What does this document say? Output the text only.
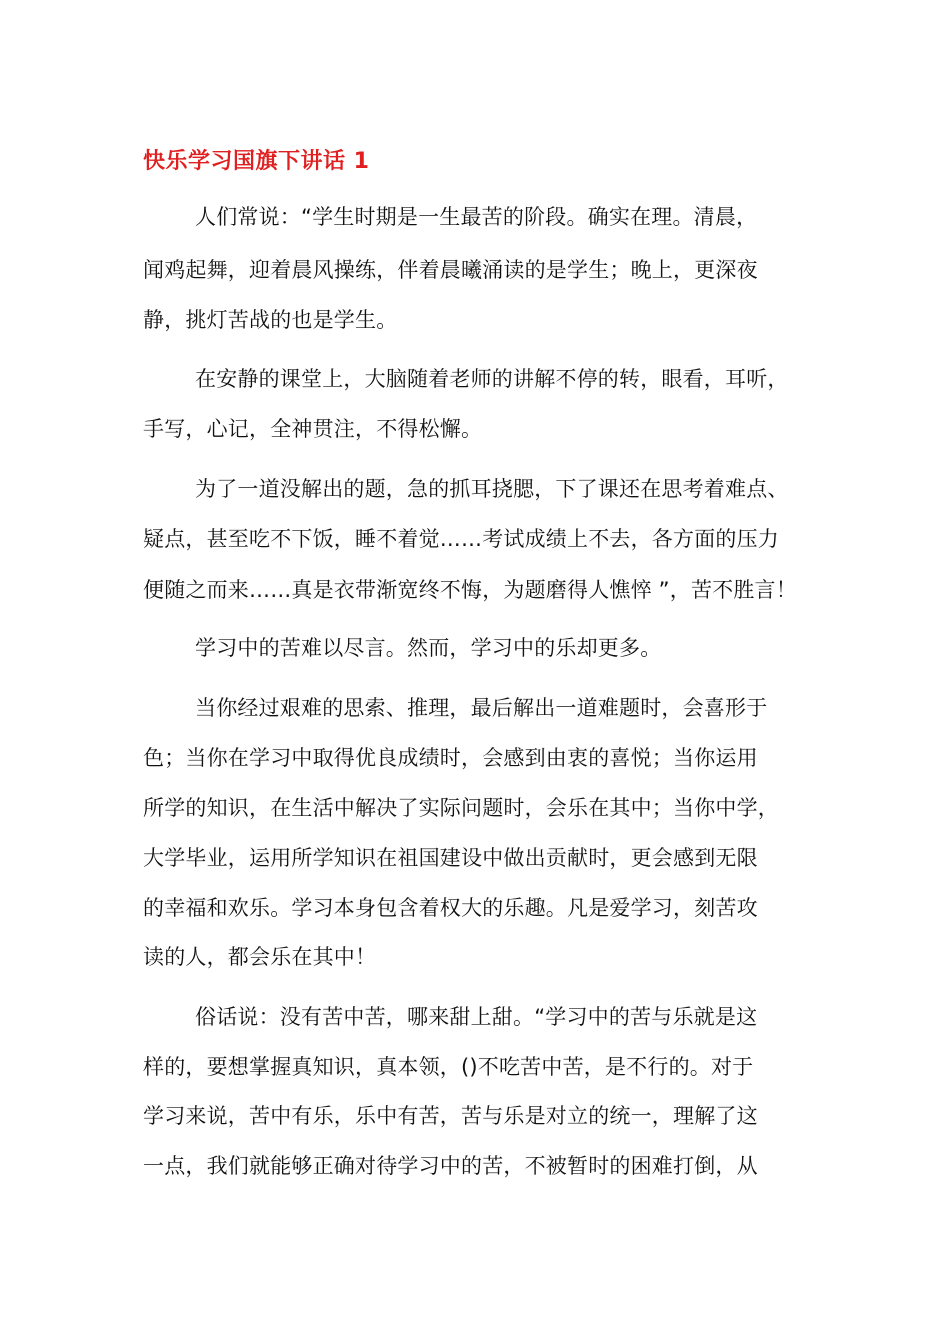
快乐学习国旗下讲话 1
人们常说：“学生时期是一生最苦的阶段。确实在理。清晨，
闻鸡起舞，迎着晨风操练，伴着晨曦涌读的是学生；晚上，更深夜
静，挑灯苦战的也是学生。
在安静的课堂上，大脑随着老师的讲解不停的转，眼看，耳听，
手写，心记，全神贯注，不得松懈。
为了一道没解出的题，急的抓耳挠腮，下了课还在思考着难点、
疑点，甚至吃不下饭，睡不着觉……考试成绩上不去，各方面的压力
便随之而来……真是衣带渐宽终不悔，为题磨得人憔悴 ”，苦不胜言！
学习中的苦难以尽言。然而，学习中的乐却更多。
当你经过艰难的思索、推理，最后解出一道难题时，会喜形于
色；当你在学习中取得优良成绩时，会感到由衷的喜悦；当你运用
所学的知识，在生活中解决了实际问题时，会乐在其中；当你中学，
大学毕业，运用所学知识在祖国建设中做出贡献时，更会感到无限
的幸福和欢乐。学习本身包含着权大的乐趣。凡是爱学习，刻苦攻
读的人，都会乐在其中！
俗话说：没有苦中苦，哪来甜上甜。“学习中的苦与乐就是这
样的，要想掌握真知识，真本领，()不吃苦中苦，是不行的。对于
学习来说，苦中有乐，乐中有苦，苦与乐是对立的统一，理解了这
一点，我们就能够正确对待学习中的苦，不被暂时的困难打倒，从
